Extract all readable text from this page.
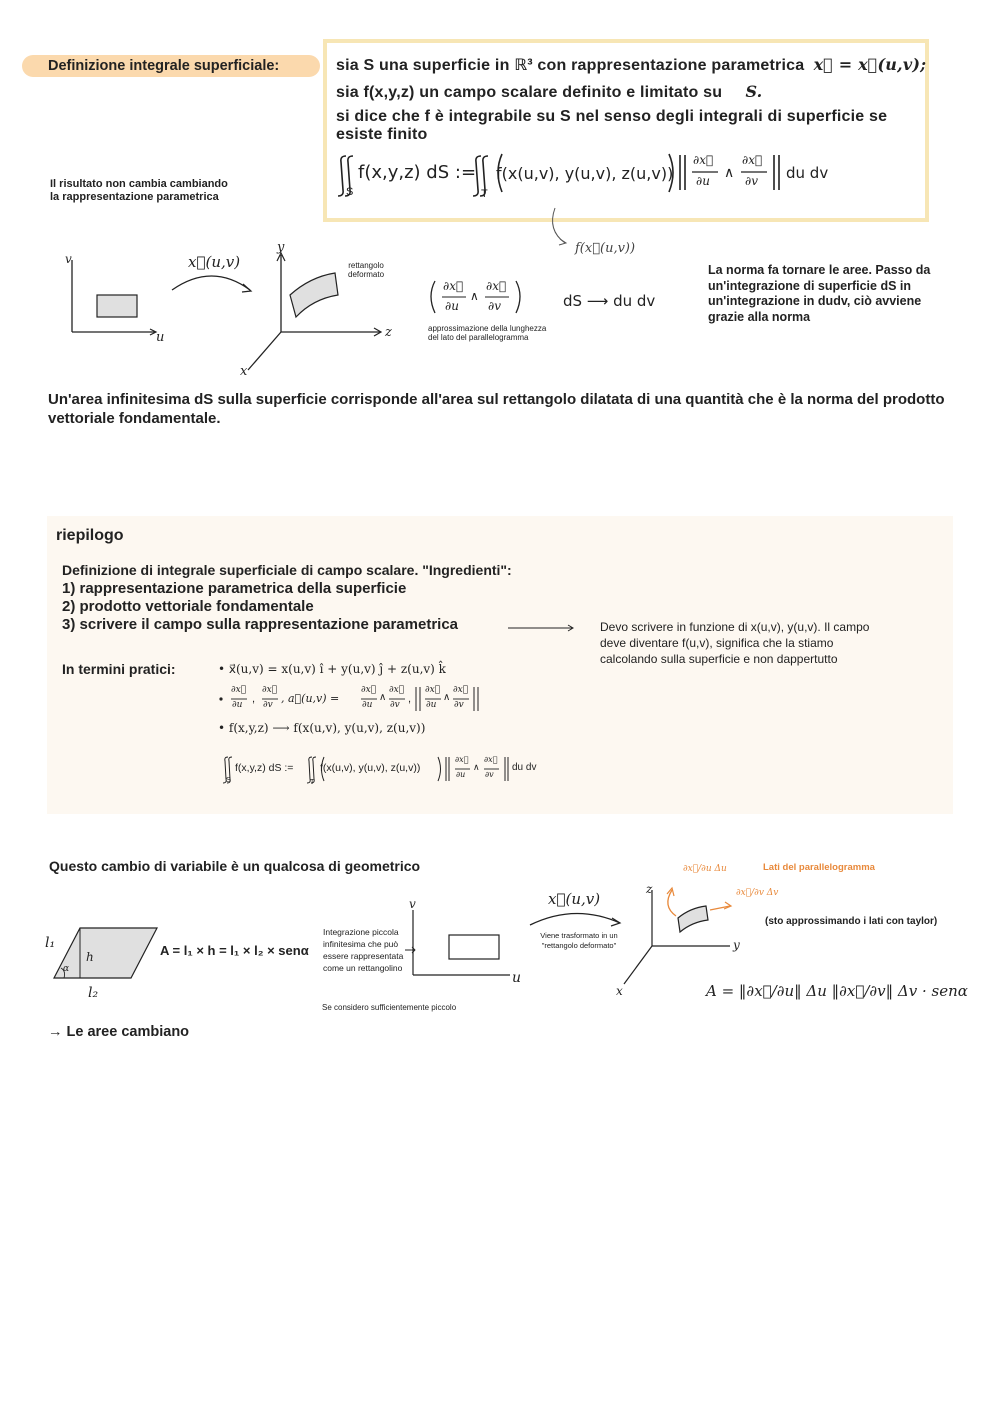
Definizione integrale superficiale:	sia S una superficie in ℝ³ con rappresentazione parametrica x⃗ = x⃗(u,v);
sia f(x,y,z) un campo scalare definito e limitato su S.
si dice che f è integrabile su S nel senso degli integrali di superficie se
esiste finito
S	T
f(x,y,z) dS := f(x(u,v), y(u,v), z(u,v))
∂x⃗
∂u
∧
∂x⃗
∂v du dv
f(x⃗(u,v))
Il risultato non cambia cambiando
la rappresentazione parametrica
v
u
x⃗(u,v)
y
z
x
rettangolo
deformato
∂x⃗
∂u
∧
∂x⃗
∂v	dS ⟶ du dv
approssimazione della lunghezza
del lato del parallelogramma
La norma fa tornare le aree. Passo da un'integrazione di superficie dS in un'integrazione in dudv, ciò avviene grazie alla norma
Un'area infinitesima dS sulla superficie corrisponde all'area sul rettangolo dilatata di una quantità che è la norma del prodotto vettoriale fondamentale.
riepilogo
Definizione di integrale superficiale di campo scalare. "Ingredienti":
1) rappresentazione parametrica della superficie
2) prodotto vettoriale fondamentale
3) scrivere il campo sulla rappresentazione parametrica	Devo scrivere in funzione di x(u,v), y(u,v). Il campo deve diventare f(u,v), significa che la stiamo calcolando sulla superficie e non dappertutto
In termini pratici:	• x⃗(u,v) = x(u,v) î + y(u,v) ĵ + z(u,v) k̂
∂x⃗
∂u ,
∂x⃗
∂v , a⃗(u,v) =
∂x⃗
∂u
∧
∂x⃗
∂v ,
∂x⃗
∂u
∧
∂x⃗
∂v
• f(x,y,z) ⟶ f(x(u,v), y(u,v), z(u,v))
S	T
f(x,y,z) dS :=	f(x(u,v), y(u,v), z(u,v))
∂x⃗
∂u
∧
∂x⃗
∂v
du dv
Questo cambio di variabile è un qualcosa di geometrico
l₁
h
α
l₂
A = l₁ × h = l₁ × l₂ × senα
Integrazione piccola infinitesima che può essere rappresentata come un rettangolino
Se considero sufficientemente piccolo
v
u
x⃗(u,v)
Viene trasformato in un "rettangolo deformato"
z
y
x
∂x⃗/∂u Δu
∂x⃗/∂v Δv
Lati del parallelogramma
(sto approssimando i lati con taylor)
A = ‖∂x⃗/∂u‖ Δu ‖∂x⃗/∂v‖ Δv · senα
→ Le aree cambiano
